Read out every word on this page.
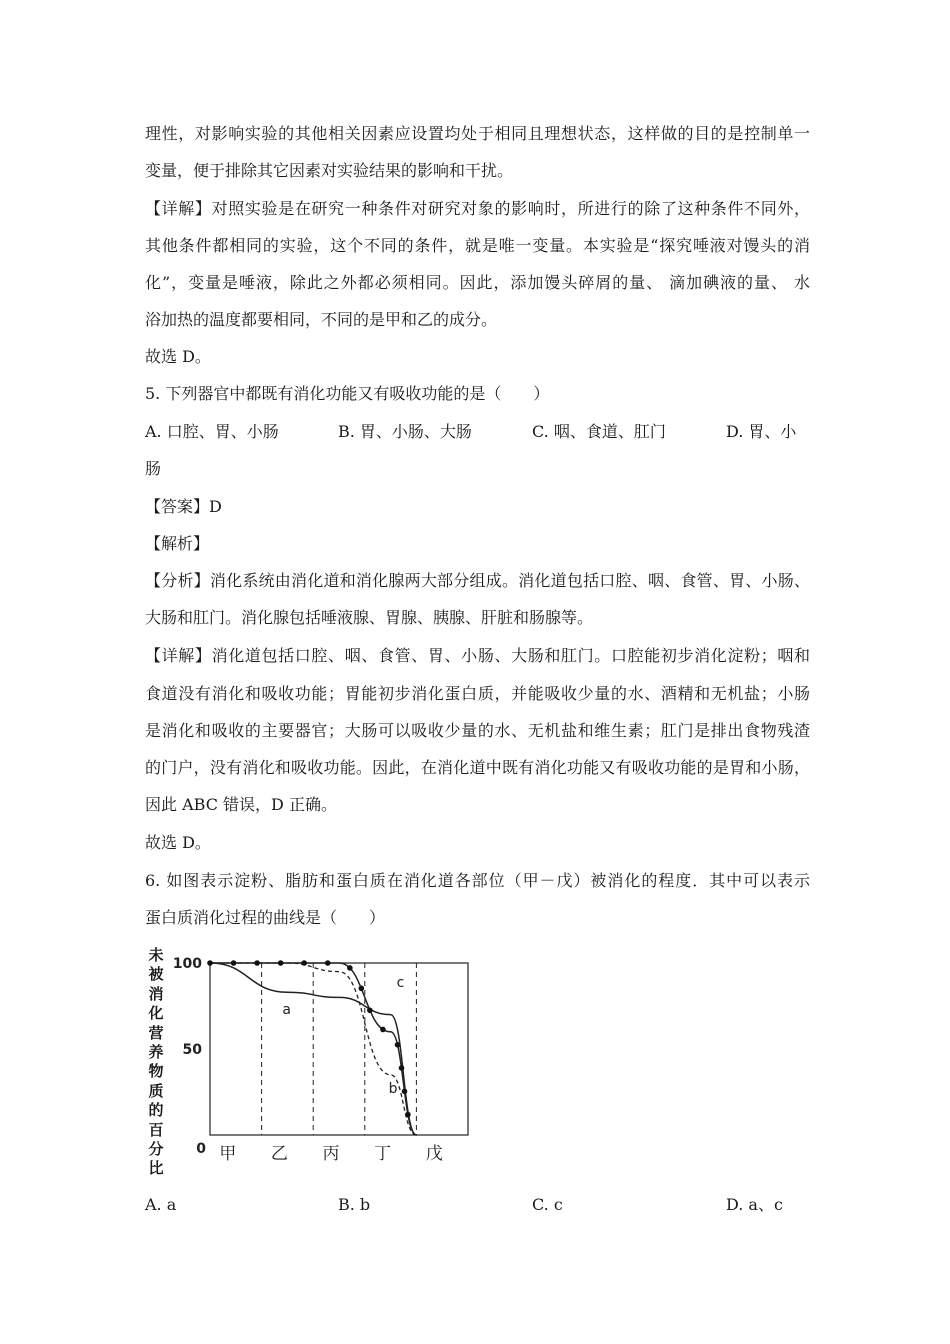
理性，对影响实验的其他相关因素应设置均处于相同且理想状态，这样做的目的是控制单一
变量，便于排除其它因素对实验结果的影响和干扰。
【详解】对照实验是在研究一种条件对研究对象的影响时，所进行的除了这种条件不同外，
其他条件都相同的实验，这个不同的条件，就是唯一变量。本实验是“探究唾液对馒头的消
化”，变量是唾液，除此之外都必须相同。因此，添加馒头碎屑的量、 滴加碘液的量、 水
浴加热的温度都要相同，不同的是甲和乙的成分。
故选 D。
5. 下列器官中都既有消化功能又有吸收功能的是（　　）
A. 口腔、胃、小肠	B. 胃、小肠、大肠	C. 咽、食道、肛门	D. 胃、小
肠
【答案】D
【解析】
【分析】消化系统由消化道和消化腺两大部分组成。消化道包括口腔、咽、食管、胃、小肠、
大肠和肛门。消化腺包括唾液腺、胃腺、胰腺、肝脏和肠腺等。
【详解】消化道包括口腔、咽、食管、胃、小肠、大肠和肛门。口腔能初步消化淀粉；咽和
食道没有消化和吸收功能；胃能初步消化蛋白质，并能吸收少量的水、酒精和无机盐；小肠
是消化和吸收的主要器官；大肠可以吸收少量的水、无机盐和维生素；肛门是排出食物残渣
的门户，没有消化和吸收功能。因此，在消化道中既有消化功能又有吸收功能的是胃和小肠，
因此 ABC 错误，D 正确。
故选 D。
6. 如图表示淀粉、脂肪和蛋白质在消化道各部位（甲－戊）被消化的程度．其中可以表示
蛋白质消化过程的曲线是（　　）
未被消化营养物质的百分比
0
50
100
甲 乙 丙 丁 戊
a
b
c
A. a	B. b	C. c	D. a、c
